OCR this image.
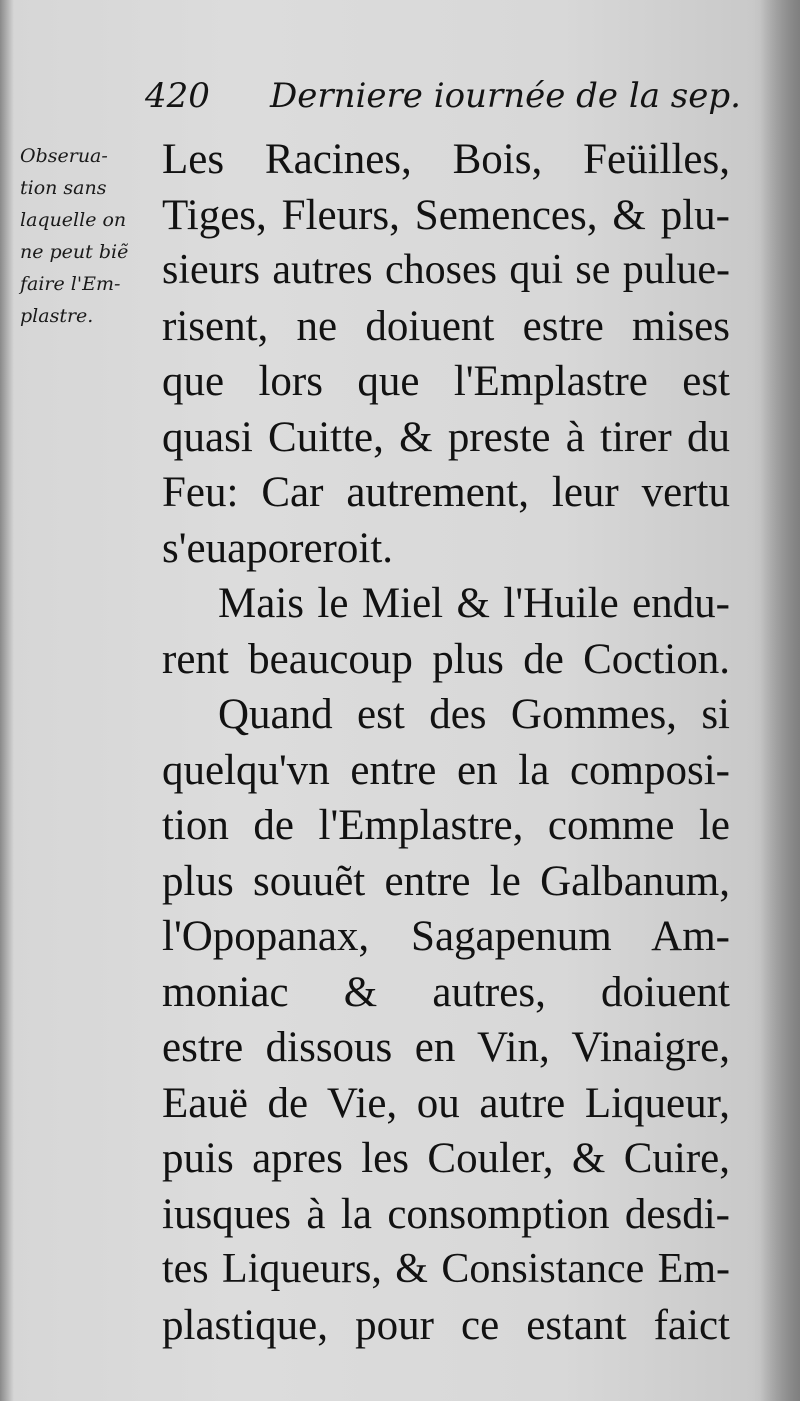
420 Derniere iournée de la sep.
Obserua-
tion sans
laquelle on
ne peut biẽ
faire l'Em-
plastre.
Les Racines, Bois, Feüilles,
Tiges, Fleurs, Semences, & plu-
sieurs autres choses qui se pulue-
risent, ne doiuent estre mises
que lors que l'Emplastre est
quasi Cuitte, & preste à tirer du
Feu: Car autrement, leur vertu
s'euaporeroit.
Mais le Miel & l'Huile endu-
rent beaucoup plus de Coction.
Quand est des Gommes, si
quelqu'vn entre en la composi-
tion de l'Emplastre, comme le
plus souuẽt entre le Galbanum,
l'Opopanax, Sagapenum Am-
moniac & autres, doiuent
estre dissous en Vin, Vinaigre,
Eauë de Vie, ou autre Liqueur,
puis apres les Couler, & Cuire,
iusques à la consomption desdi-
tes Liqueurs, & Consistance Em-
plastique, pour ce estant faict
